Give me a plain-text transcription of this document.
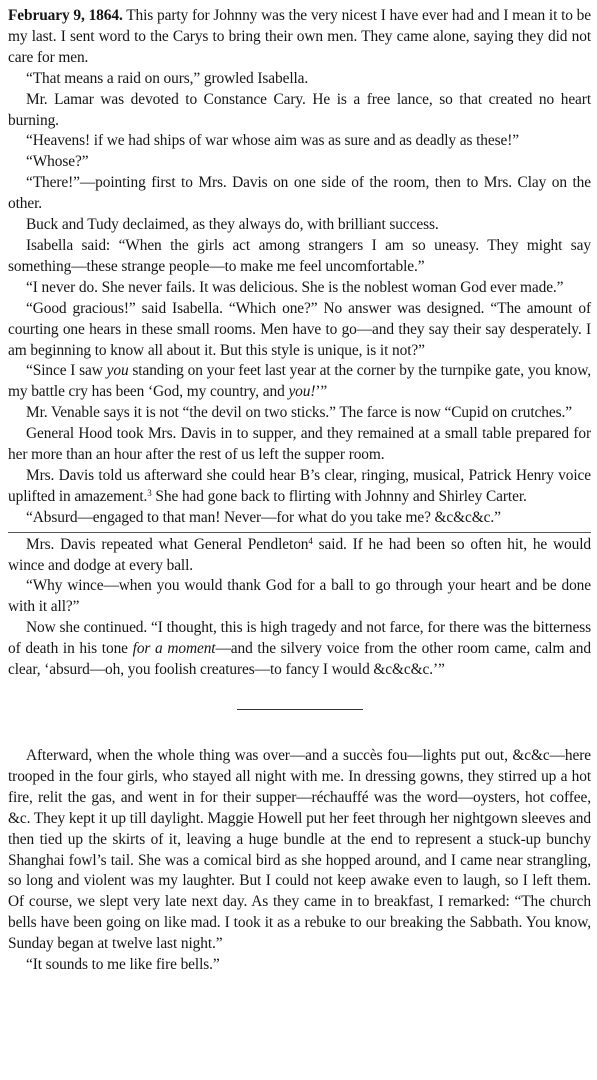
February 9, 1864. This party for Johnny was the very nicest I have ever had and I mean it to be my last. I sent word to the Carys to bring their own men. They came alone, saying they did not care for men.

“That means a raid on ours,” growled Isabella.

Mr. Lamar was devoted to Constance Cary. He is a free lance, so that created no heart burning.

“Heavens! if we had ships of war whose aim was as sure and as deadly as these!”

“Whose?”

“There!”—pointing first to Mrs. Davis on one side of the room, then to Mrs. Clay on the other.

Buck and Tudy declaimed, as they always do, with brilliant success.

Isabella said: “When the girls act among strangers I am so uneasy. They might say something—these strange people—to make me feel uncomfortable.”

“I never do. She never fails. It was delicious. She is the noblest woman God ever made.”

“Good gracious!” said Isabella. “Which one?” No answer was designed. “The amount of courting one hears in these small rooms. Men have to go—and they say their say desperately. I am beginning to know all about it. But this style is unique, is it not?”

“Since I saw you standing on your feet last year at the corner by the turnpike gate, you know, my battle cry has been ‘God, my country, and you!’”

Mr. Venable says it is not “the devil on two sticks.” The farce is now “Cupid on crutches.”

General Hood took Mrs. Davis in to supper, and they remained at a small table prepared for her more than an hour after the rest of us left the supper room.

Mrs. Davis told us afterward she could hear B’s clear, ringing, musical, Patrick Henry voice uplifted in amazement.$^3$ She had gone back to flirting with Johnny and Shirley Carter.

“Absurd—engaged to that man! Never—for what do you take me? &c&c&c.”

Mrs. Davis repeated what General Pendleton$^4$ said. If he had been so often hit, he would wince and dodge at every ball.

“Why wince—when you would thank God for a ball to go through your heart and be done with it all?”

Now she continued. “I thought, this is high tragedy and not farce, for there was the bitterness of death in his tone for a moment—and the silvery voice from the other room came, calm and clear, ‘absurd—oh, you foolish creatures—to fancy I would &c&c&c.’”

Afterward, when the whole thing was over—and a succès fou—lights put out, &c&c—here trooped in the four girls, who stayed all night with me. In dressing gowns, they stirred up a hot fire, relit the gas, and went in for their supper—réchauffé was the word—oysters, hot coffee, &c. They kept it up till daylight. Maggie Howell put her feet through her nightgown sleeves and then tied up the skirts of it, leaving a huge bundle at the end to represent a stuck-up bunchy Shanghai fowl’s tail. She was a comical bird as she hopped around, and I came near strangling, so long and violent was my laughter. But I could not keep awake even to laugh, so I left them. Of course, we slept very late next day. As they came in to breakfast, I remarked: “The church bells have been going on like mad. I took it as a rebuke to our breaking the Sabbath. You know, Sunday began at twelve last night.”

“It sounds to me like fire bells.”
